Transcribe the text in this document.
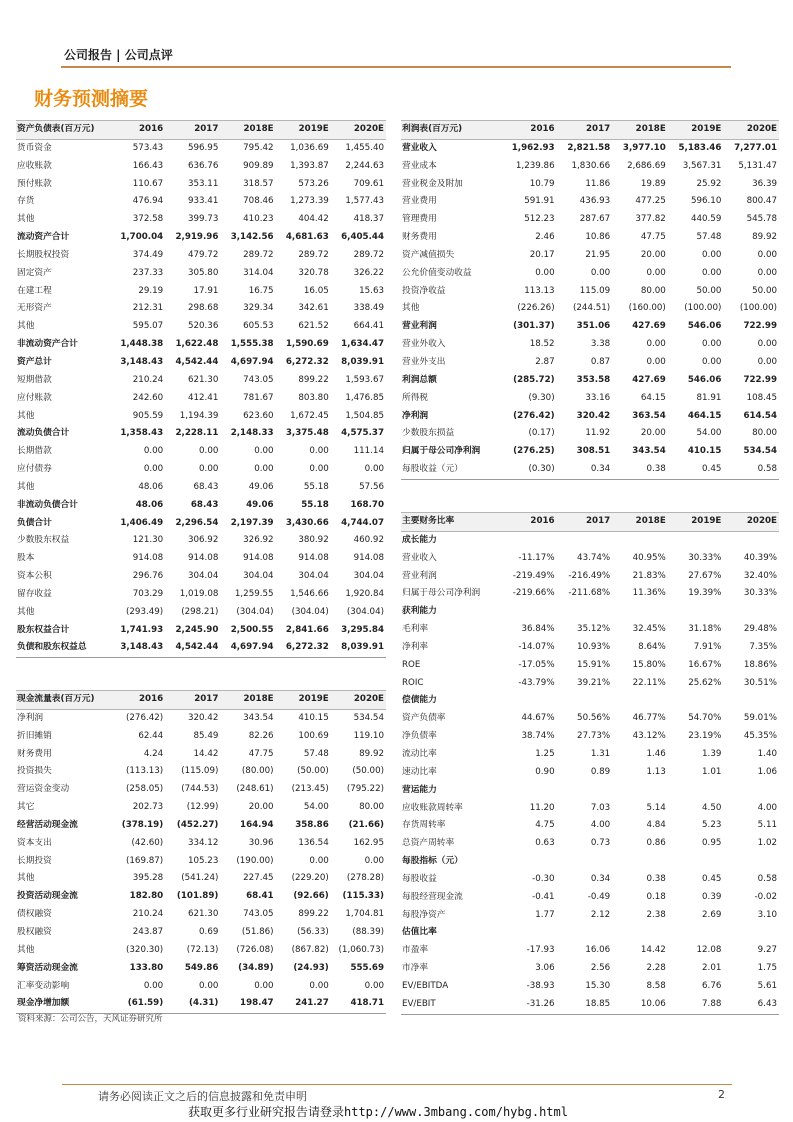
公司报告 | 公司点评
财务预测摘要
资产负债表(百万元)	2016	2017	2018E	2019E	2020E
货币资金	573.43	596.95	795.42	1,036.69	1,455.40
应收账款	166.43	636.76	909.89	1,393.87	2,244.63
预付账款	110.67	353.11	318.57	573.26	709.61
存货	476.94	933.41	708.46	1,273.39	1,577.43
其他	372.58	399.73	410.23	404.42	418.37
流动资产合计	1,700.04	2,919.96	3,142.56	4,681.63	6,405.44
长期股权投资	374.49	479.72	289.72	289.72	289.72
固定资产	237.33	305.80	314.04	320.78	326.22
在建工程	29.19	17.91	16.75	16.05	15.63
无形资产	212.31	298.68	329.34	342.61	338.49
其他	595.07	520.36	605.53	621.52	664.41
非流动资产合计	1,448.38	1,622.48	1,555.38	1,590.69	1,634.47
资产总计	3,148.43	4,542.44	4,697.94	6,272.32	8,039.91
短期借款	210.24	621.30	743.05	899.22	1,593.67
应付账款	242.60	412.41	781.67	803.80	1,476.85
其他	905.59	1,194.39	623.60	1,672.45	1,504.85
流动负债合计	1,358.43	2,228.11	2,148.33	3,375.48	4,575.37
长期借款	0.00	0.00	0.00	0.00	111.14
应付债券	0.00	0.00	0.00	0.00	0.00
其他	48.06	68.43	49.06	55.18	57.56
非流动负债合计	48.06	68.43	49.06	55.18	168.70
负债合计	1,406.49	2,296.54	2,197.39	3,430.66	4,744.07
少数股东权益	121.30	306.92	326.92	380.92	460.92
股本	914.08	914.08	914.08	914.08	914.08
资本公积	296.76	304.04	304.04	304.04	304.04
留存收益	703.29	1,019.08	1,259.55	1,546.66	1,920.84
其他	(293.49)	(298.21)	(304.04)	(304.04)	(304.04)
股东权益合计	1,741.93	2,245.90	2,500.55	2,841.66	3,295.84
负债和股东权益总	3,148.43	4,542.44	4,697.94	6,272.32	8,039.91
利润表(百万元)	2016	2017	2018E	2019E	2020E
营业收入	1,962.93	2,821.58	3,977.10	5,183.46	7,277.01
营业成本	1,239.86	1,830.66	2,686.69	3,567.31	5,131.47
营业税金及附加	10.79	11.86	19.89	25.92	36.39
营业费用	591.91	436.93	477.25	596.10	800.47
管理费用	512.23	287.67	377.82	440.59	545.78
财务费用	2.46	10.86	47.75	57.48	89.92
资产减值损失	20.17	21.95	20.00	0.00	0.00
公允价值变动收益	0.00	0.00	0.00	0.00	0.00
投资净收益	113.13	115.09	80.00	50.00	50.00
其他	(226.26)	(244.51)	(160.00)	(100.00)	(100.00)
营业利润	(301.37)	351.06	427.69	546.06	722.99
营业外收入	18.52	3.38	0.00	0.00	0.00
营业外支出	2.87	0.87	0.00	0.00	0.00
利润总额	(285.72)	353.58	427.69	546.06	722.99
所得税	(9.30)	33.16	64.15	81.91	108.45
净利润	(276.42)	320.42	363.54	464.15	614.54
少数股东损益	(0.17)	11.92	20.00	54.00	80.00
归属于母公司净利润	(276.25)	308.51	343.54	410.15	534.54
每股收益（元）	(0.30)	0.34	0.38	0.45	0.58
主要财务比率	2016	2017	2018E	2019E	2020E
成长能力					
营业收入	-11.17%	43.74%	40.95%	30.33%	40.39%
营业利润	-219.49%	-216.49%	21.83%	27.67%	32.40%
归属于母公司净利润	-219.66%	-211.68%	11.36%	19.39%	30.33%
获利能力					
毛利率	36.84%	35.12%	32.45%	31.18%	29.48%
净利率	-14.07%	10.93%	8.64%	7.91%	7.35%
ROE	-17.05%	15.91%	15.80%	16.67%	18.86%
ROIC	-43.79%	39.21%	22.11%	25.62%	30.51%
偿债能力					
资产负债率	44.67%	50.56%	46.77%	54.70%	59.01%
净负债率	38.74%	27.73%	43.12%	23.19%	45.35%
流动比率	1.25	1.31	1.46	1.39	1.40
速动比率	0.90	0.89	1.13	1.01	1.06
营运能力					
应收账款周转率	11.20	7.03	5.14	4.50	4.00
存货周转率	4.75	4.00	4.84	5.23	5.11
总资产周转率	0.63	0.73	0.86	0.95	1.02
每股指标（元）					
每股收益	-0.30	0.34	0.38	0.45	0.58
每股经营现金流	-0.41	-0.49	0.18	0.39	-0.02
每股净资产	1.77	2.12	2.38	2.69	3.10
估值比率					
市盈率	-17.93	16.06	14.42	12.08	9.27
市净率	3.06	2.56	2.28	2.01	1.75
EV/EBITDA	-38.93	15.30	8.58	6.76	5.61
EV/EBIT	-31.26	18.85	10.06	7.88	6.43
现金流量表(百万元)	2016	2017	2018E	2019E	2020E
净利润	(276.42)	320.42	343.54	410.15	534.54
折旧摊销	62.44	85.49	82.26	100.69	119.10
财务费用	4.24	14.42	47.75	57.48	89.92
投资损失	(113.13)	(115.09)	(80.00)	(50.00)	(50.00)
营运资金变动	(258.05)	(744.53)	(248.61)	(213.45)	(795.22)
其它	202.73	(12.99)	20.00	54.00	80.00
经营活动现金流	(378.19)	(452.27)	164.94	358.86	(21.66)
资本支出	(42.60)	334.12	30.96	136.54	162.95
长期投资	(169.87)	105.23	(190.00)	0.00	0.00
其他	395.28	(541.24)	227.45	(229.20)	(278.28)
投资活动现金流	182.80	(101.89)	68.41	(92.66)	(115.33)
债权融资	210.24	621.30	743.05	899.22	1,704.81
股权融资	243.87	0.69	(51.86)	(56.33)	(88.39)
其他	(320.30)	(72.13)	(726.08)	(867.82)	(1,060.73)
筹资活动现金流	133.80	549.86	(34.89)	(24.93)	555.69
汇率变动影响	0.00	0.00	0.00	0.00	0.00
现金净增加额	(61.59)	(4.31)	198.47	241.27	418.71
资料来源：公司公告，天风证券研究所
请务必阅读正文之后的信息披露和免责申明	2
获取更多行业研究报告请登录http://www.3mbang.com/hybg.html
